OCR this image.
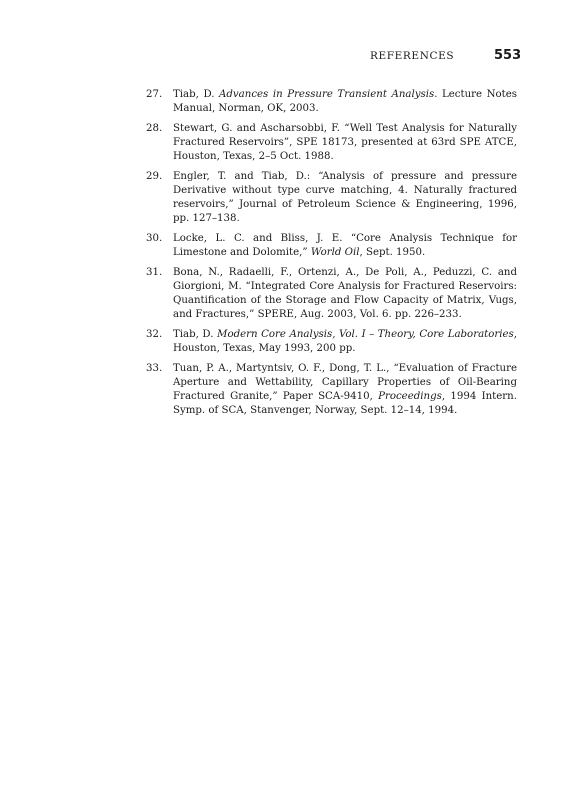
REFERENCES	553
27. Tiab, D. Advances in Pressure Transient Analysis. Lecture Notes Manual, Norman, OK, 2003.
28. Stewart, G. and Ascharsobbi, F. “Well Test Analysis for Naturally Fractured Reservoirs”, SPE 18173, presented at 63rd SPE ATCE, Houston, Texas, 2–5 Oct. 1988.
29. Engler, T. and Tiab, D.: “Analysis of pressure and pressure Derivative without type curve matching, 4. Naturally fractured reservoirs,” Journal of Petroleum Science & Engineering, 1996, pp. 127–138.
30. Locke, L. C. and Bliss, J. E. “Core Analysis Technique for Limestone and Dolomite,” World Oil, Sept. 1950.
31. Bona, N., Radaelli, F., Ortenzi, A., De Poli, A., Peduzzi, C. and Giorgioni, M. “Integrated Core Analysis for Fractured Reservoirs: Quantification of the Storage and Flow Capacity of Matrix, Vugs, and Fractures,” SPERE, Aug. 2003, Vol. 6. pp. 226–233.
32. Tiab, D. Modern Core Analysis, Vol. I – Theory, Core Laboratories, Houston, Texas, May 1993, 200 pp.
33. Tuan, P. A., Martyntsiv, O. F., Dong, T. L., “Evaluation of Fracture Aperture and Wettability, Capillary Properties of Oil-Bearing Fractured Granite,” Paper SCA-9410, Proceedings, 1994 Intern. Symp. of SCA, Stanvenger, Norway, Sept. 12–14, 1994.
